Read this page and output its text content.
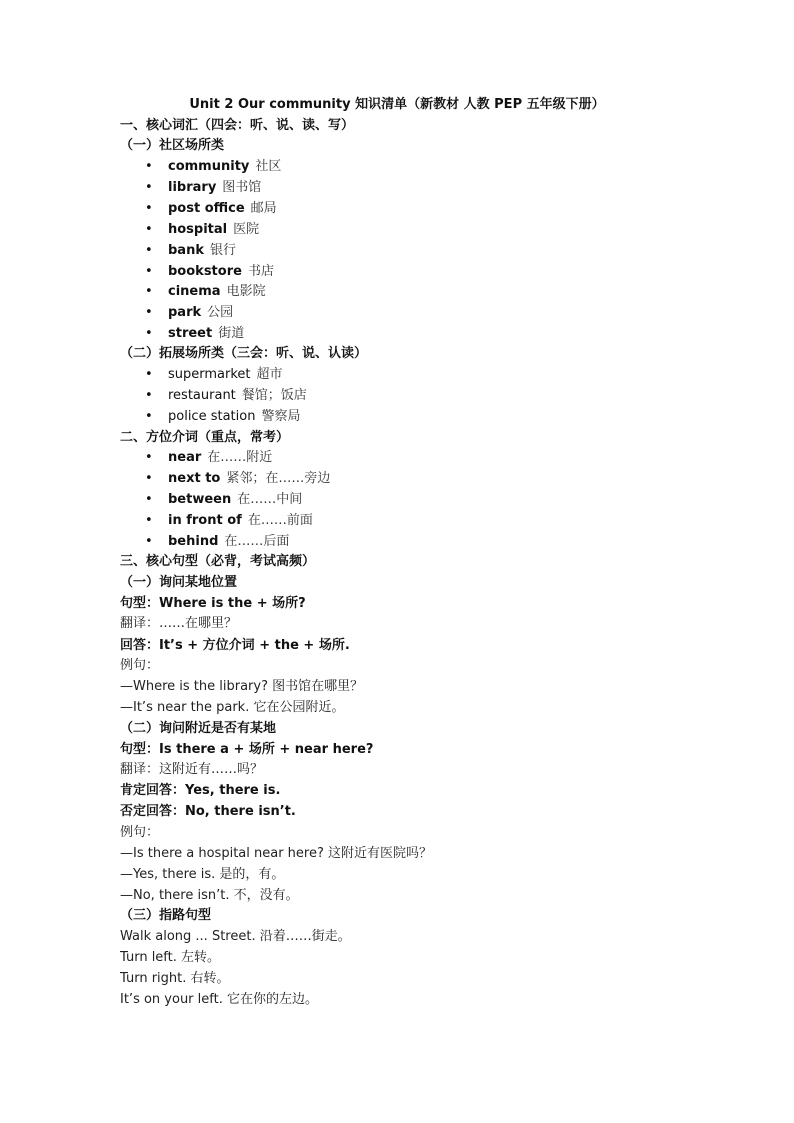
Unit 2 Our community 知识清单（新教材 人教 PEP 五年级下册）
一、核心词汇（四会：听、说、读、写）
（一）社区场所类
• community 社区
• library 图书馆
• post office 邮局
• hospital 医院
• bank 银行
• bookstore 书店
• cinema 电影院
• park 公园
• street 街道
（二）拓展场所类（三会：听、说、认读）
• supermarket 超市
• restaurant 餐馆；饭店
• police station 警察局
二、方位介词（重点，常考）
• near 在……附近
• next to 紧邻；在……旁边
• between 在……中间
• in front of 在……前面
• behind 在……后面
三、核心句型（必背，考试高频）
（一）询问某地位置
句型：Where is the + 场所?
翻译：……在哪里？
回答：It’s + 方位介词 + the + 场所.
例句：
—Where is the library? 图书馆在哪里？
—It’s near the park. 它在公园附近。
（二）询问附近是否有某地
句型：Is there a + 场所 + near here?
翻译：这附近有……吗？
肯定回答：Yes, there is.
否定回答：No, there isn’t.
例句：
—Is there a hospital near here? 这附近有医院吗？
—Yes, there is. 是的，有。
—No, there isn’t. 不，没有。
（三）指路句型
Walk along ... Street. 沿着……街走。
Turn left. 左转。
Turn right. 右转。
It’s on your left. 它在你的左边。
